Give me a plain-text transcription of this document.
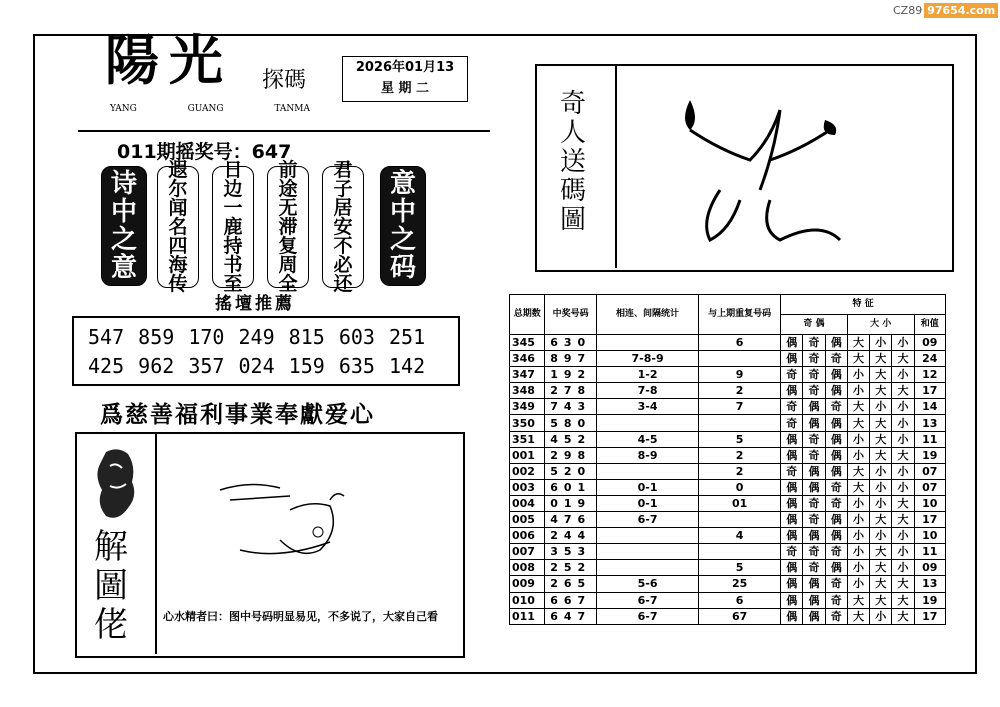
CZ89 97654.com
陽光 探碼
YANG	GUANG	TANMA
2026年01月13
星 期 二
011期摇奖号：647
诗
中
之
意
遐
尔
闻
名
四
海
传
日
边
一
鹿
持
书
至
前
途
无
滞
复
周
全
君
子
居
安
不
必
还
意
中
之
码
搖壇推薦
547 859 170 249 815 603 251
425 962 357 024 159 635 142
爲慈善福利事業奉獻爱心
解
圖
佬	心水精者曰：图中号码明显易见，不多说了，大家自己看
奇
人
送
碼
圖
总期数	中奖号码	相连、间隔统计	与上期重复号码	特 征						
				奇 偶			大 小			和值
345	630		6	偶	奇	偶	大	小	小	09
346	897	7-8-9		偶	奇	奇	大	大	大	24
347	192	1-2	9	奇	奇	偶	小	大	小	12
348	278	7-8	2	偶	奇	偶	小	大	大	17
349	743	3-4	7	奇	偶	奇	大	小	小	14
350	580			奇	偶	偶	大	大	小	13
351	452	4-5	5	偶	奇	偶	小	大	小	11
001	298	8-9	2	偶	奇	偶	小	大	大	19
002	520		2	奇	偶	偶	大	小	小	07
003	601	0-1	0	偶	偶	奇	大	小	小	07
004	019	0-1	01	偶	奇	奇	小	小	大	10
005	476	6-7		偶	奇	偶	小	大	大	17
006	244		4	偶	偶	偶	小	小	小	10
007	353			奇	奇	奇	小	大	小	11
008	252		5	偶	奇	偶	小	大	小	09
009	265	5-6	25	偶	偶	奇	小	大	大	13
010	667	6-7	6	偶	偶	奇	大	大	大	19
011	647	6-7	67	偶	偶	奇	大	小	大	17
